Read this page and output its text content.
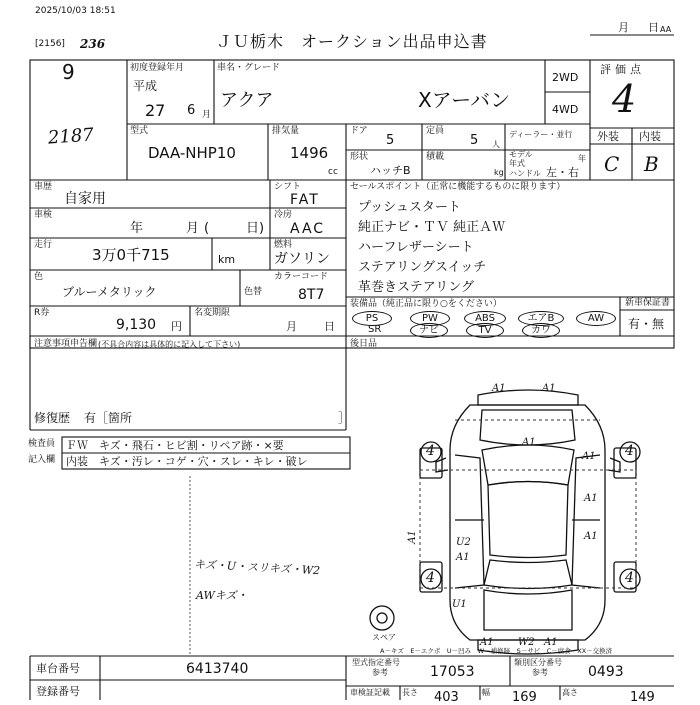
2025/10/03 18:51
[2156] 236	ＪＵ栃木　オークション出品申込書
月 日 AA
9
2187
初度登録年月
平成
27 6 月
車名・グレード
アクア	Xアーバン
2WD
4WD
評価点
4
外装 内装
C B
型式
DAA-NHP10
排気量
1496
cc
ドア
5
定員
5 人
ディーラー・並行
形状
ハッチB
積載
kg
モデル
年式
年
ハンドル 左・右
車歴
自家用
車検
年	月 (	日)
走行
3万0千715	km
シフト
FAT
冷房
AAC
燃料
ガソリン
色
ブルーメタリック	色替
カラーコード
8T7
R券
9,130 円
名変期限
月 日
セールスポイント（正常に機能するものに限ります）
プッシュスタート
純正ナビ・ＴＶ 純正ＡＷ
ハーフレザーシート
ステアリングスイッチ
革巻きステアリング
装備品（純正品に限り○をください）
PS	PW	ABS	エアB	AW
SR	ナビ	TV	カワ
新車保証書
有・無
後日品
注意事項申告欄 (不具合内容は具体的に記入して下さい)
修復歴 有［箇所	］
検査員
記入欄
ＦＷ　キズ・飛石・ヒビ割・リペア跡・×要
内装　キズ・汚レ・コゲ・穴・スレ・キレ・破レ
キズ・U・スリキズ・W2
AWキズ・
A1	A1
A1
A1
A1
A1
A1	U2
A1
U1
A1 W2 A1
4	4
4	4
スペア
A－キズ　E－エクボ　U－凹み　W－補修跡　S－サビ　C－腐食　XX－交換済
車台番号	6413740
登録番号
型式指定番号
参考	17053
類別区分番号
参考	0493
車検証記載 長さ 403	幅 169	高さ	149
